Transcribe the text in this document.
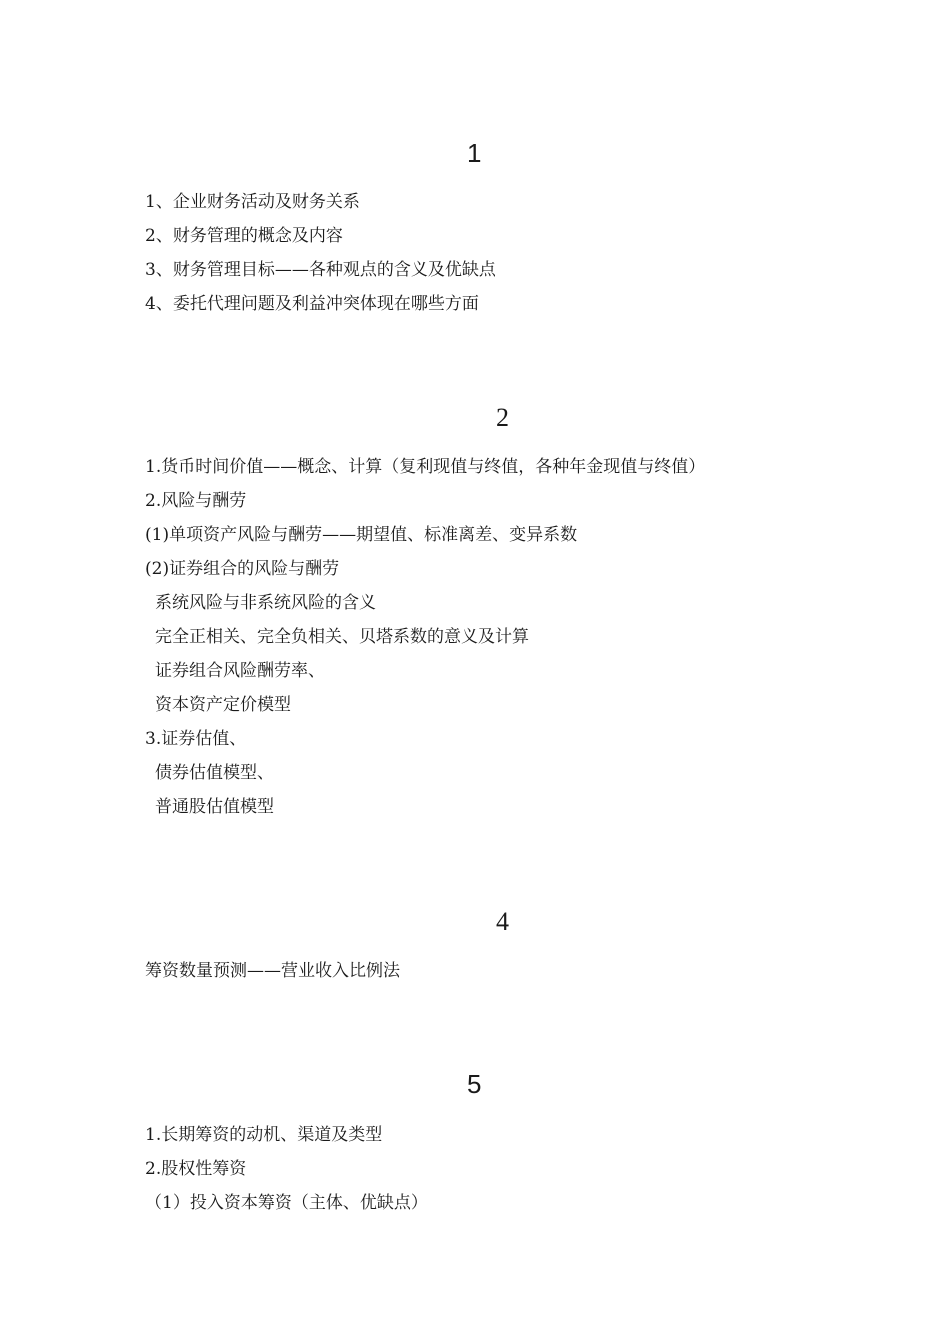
1
1、企业财务活动及财务关系
2、财务管理的概念及内容
3、财务管理目标——各种观点的含义及优缺点
4、委托代理问题及利益冲突体现在哪些方面
2
1.货币时间价值——概念、计算（复利现值与终值，各种年金现值与终值）
2.风险与酬劳
(1)单项资产风险与酬劳——期望值、标准离差、变异系数
(2)证券组合的风险与酬劳
系统风险与非系统风险的含义
完全正相关、完全负相关、贝塔系数的意义及计算
证券组合风险酬劳率、
资本资产定价模型
3.证券估值、
债券估值模型、
普通股估值模型
4
筹资数量预测——营业收入比例法
5
1.长期筹资的动机、渠道及类型
2.股权性筹资
（1）投入资本筹资（主体、优缺点）
